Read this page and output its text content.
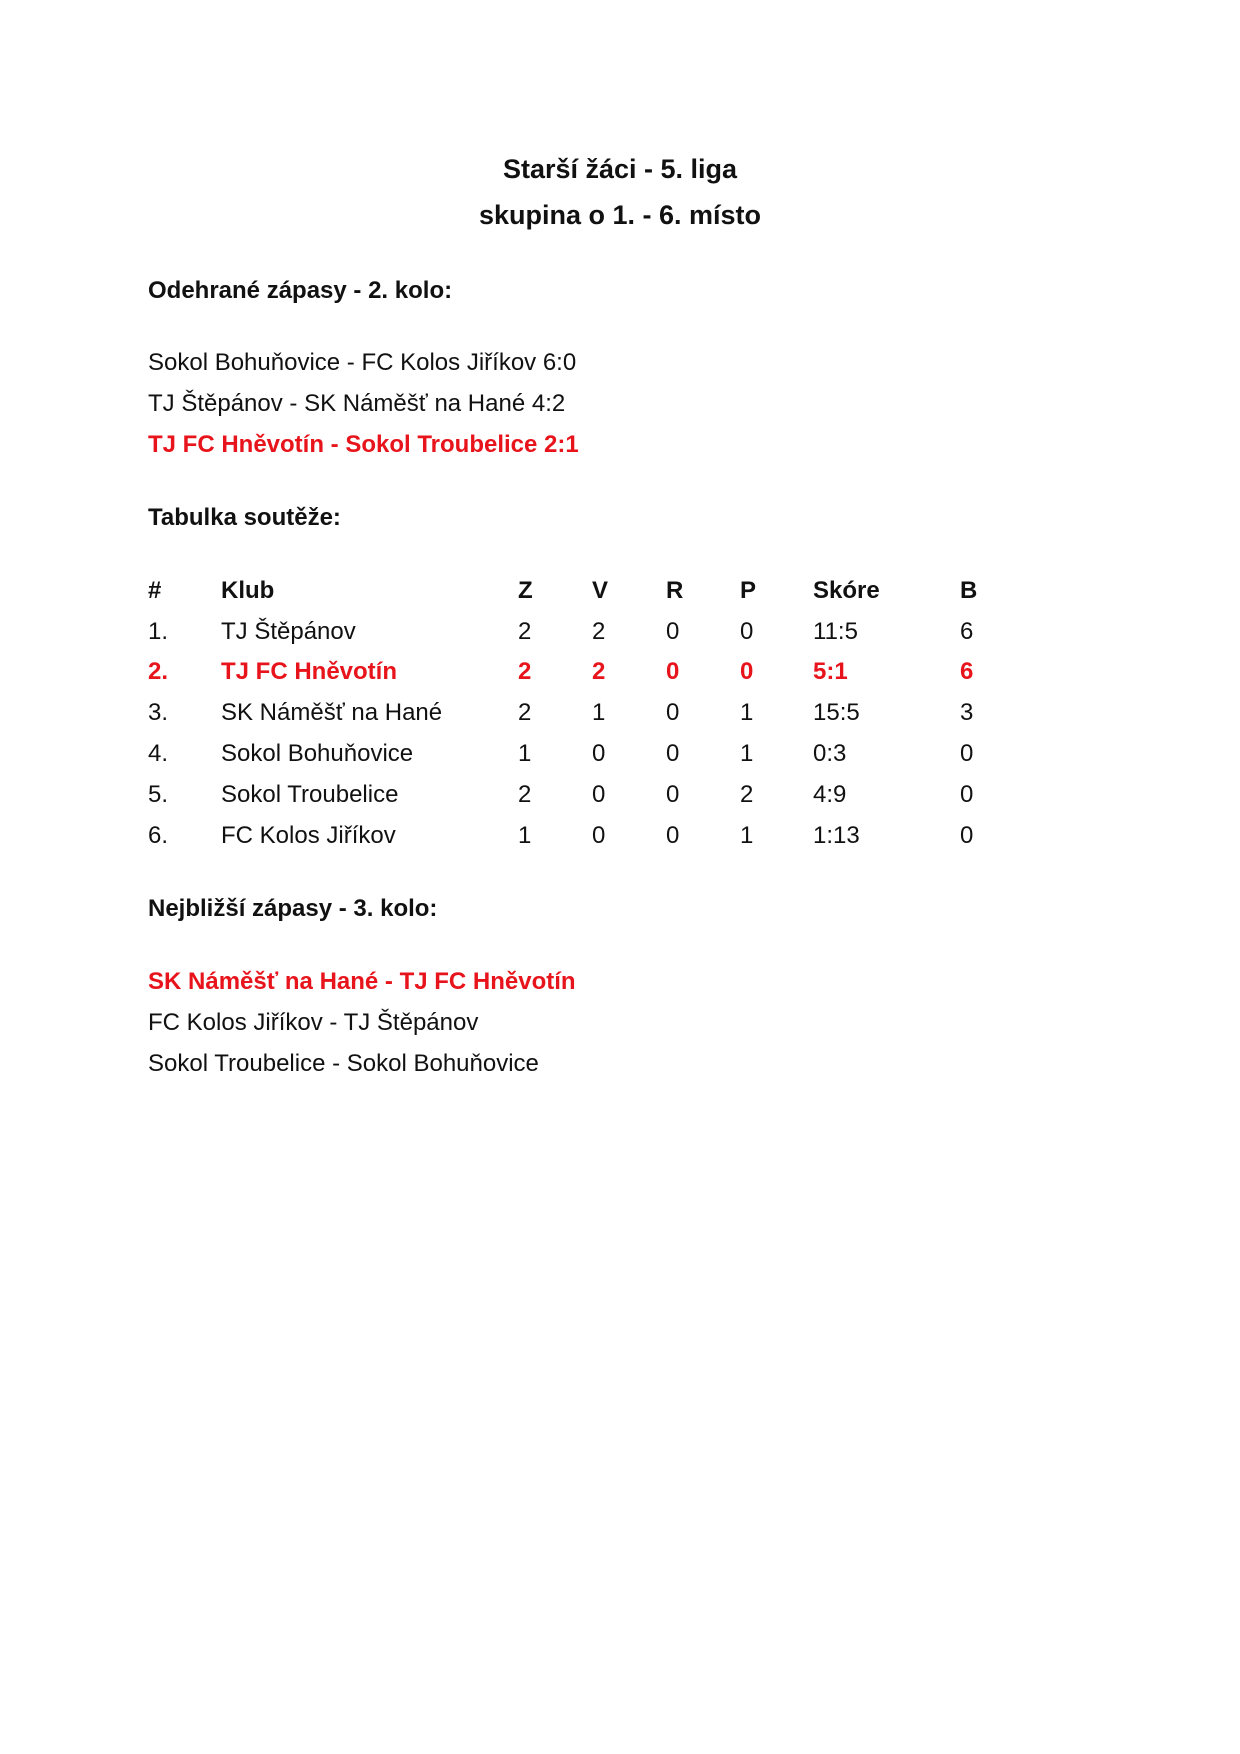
Starší žáci - 5. liga
skupina o 1. - 6. místo
Odehrané zápasy - 2. kolo:
Sokol Bohuňovice - FC Kolos Jiříkov 6:0
TJ Štěpánov - SK Náměšť na Hané 4:2
TJ FC Hněvotín - Sokol Troubelice 2:1
Tabulka soutěže:
# Klub	Z V R P Skóre	B
1. TJ Štěpánov	2	2	0	0 11:5	6
2. TJ FC Hněvotín	2	2	0	0 5:1	6
3. SK Náměšť na Hané	2	1	0	1 15:5	3
4. Sokol Bohuňovice	1	0	0	1 0:3	0
5. Sokol Troubelice	2	0	0	2 4:9	0
6. FC Kolos Jiříkov	1	0	0	1 1:13	0
Nejbližší zápasy - 3. kolo:
SK Náměšť na Hané - TJ FC Hněvotín
FC Kolos Jiříkov - TJ Štěpánov
Sokol Troubelice - Sokol Bohuňovice
